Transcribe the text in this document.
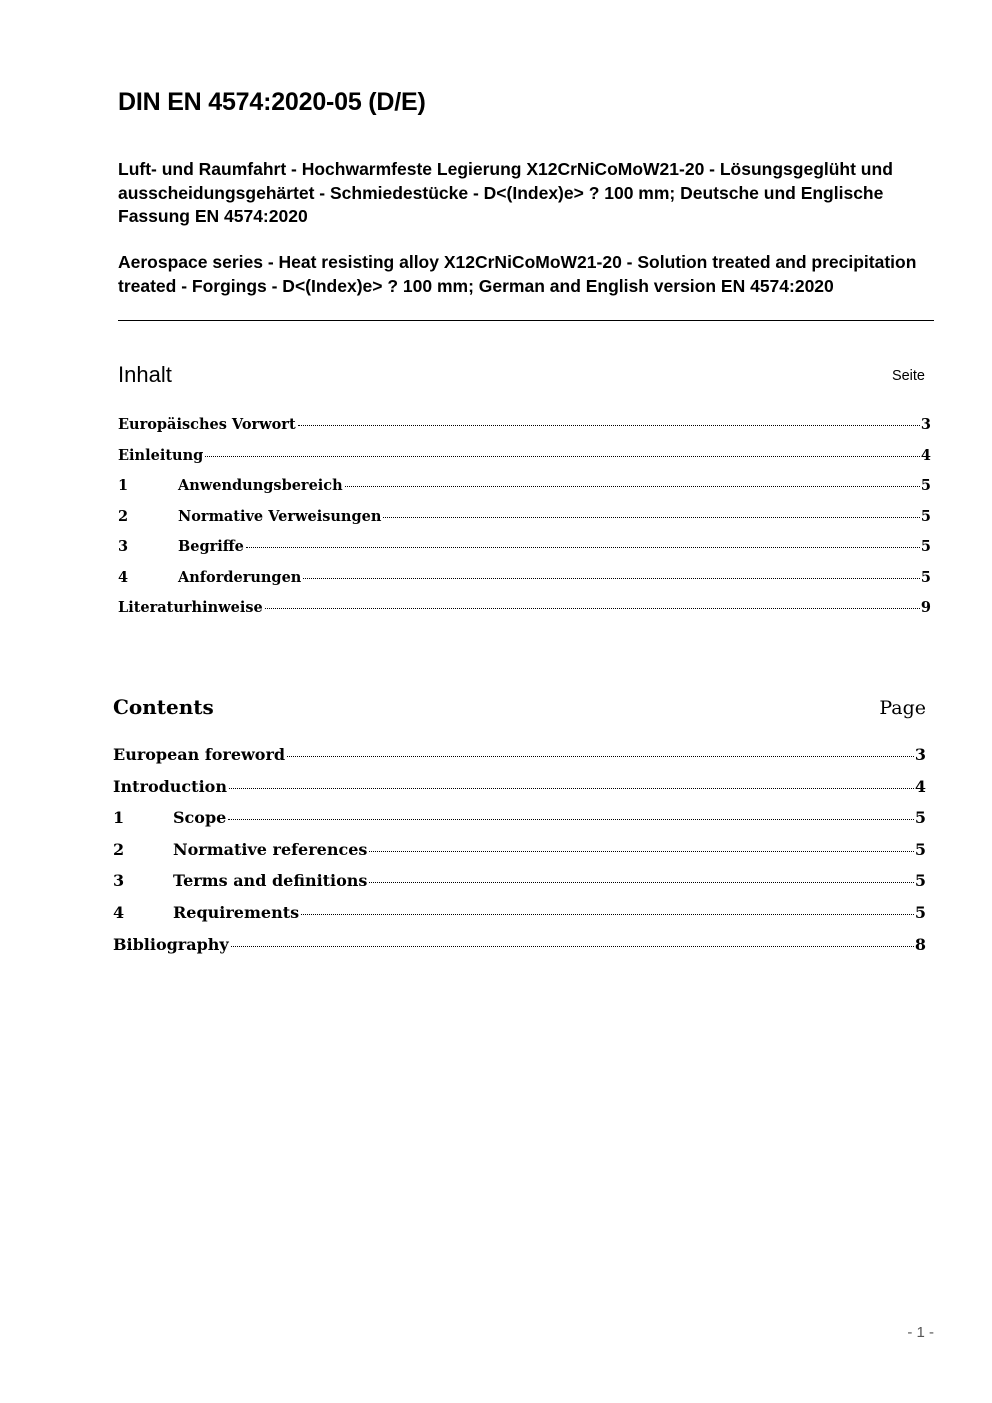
DIN EN 4574:2020-05 (D/E)
Luft- und Raumfahrt - Hochwarmfeste Legierung X12CrNiCoMoW21-20 - Lösungsgeglüht und ausscheidungsgehärtet - Schmiedestücke - D<(Index)e> ? 100 mm; Deutsche und Englische Fassung EN 4574:2020
Aerospace series - Heat resisting alloy X12CrNiCoMoW21-20 - Solution treated and precipitation treated - Forgings - D<(Index)e> ? 100 mm; German and English version EN 4574:2020
Inhalt	Seite
Europäisches Vorwort	3
Einleitung	4
1	Anwendungsbereich	5
2	Normative Verweisungen	5
3	Begriffe	5
4	Anforderungen	5
Literaturhinweise	9
Contents	Page
European foreword	3
Introduction	4
1	Scope	5
2	Normative references	5
3	Terms and definitions	5
4	Requirements	5
Bibliography	8
- 1 -
